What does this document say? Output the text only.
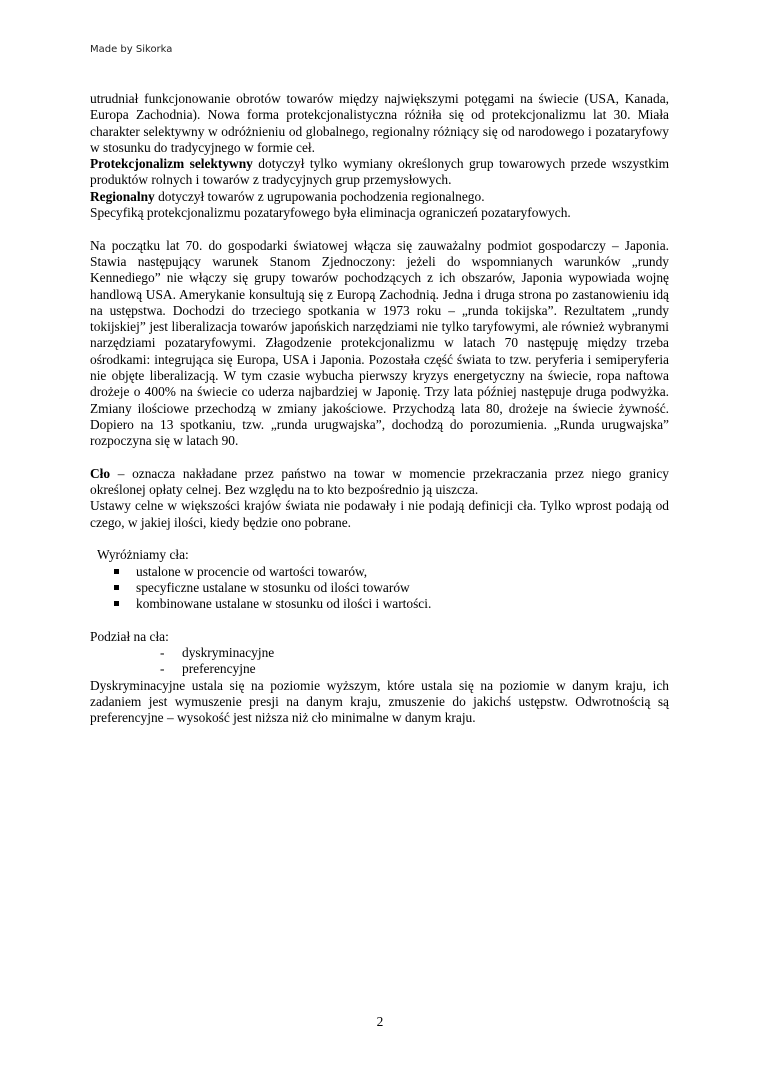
Made by Sikorka

utrudniał funkcjonowanie obrotów towarów między największymi potęgami na świecie (USA, Kanada, Europa Zachodnia). Nowa forma protekcjonalistyczna różniła się od protekcjonalizmu lat 30. Miała charakter selektywny w odróżnieniu od globalnego, regionalny różniący się od narodowego i pozataryfowy w stosunku do tradycyjnego w formie ceł.

Protekcjonalizm selektywny dotyczył tylko wymiany określonych grup towarowych przede wszystkim produktów rolnych i towarów z tradycyjnych grup przemysłowych.

Regionalny dotyczył towarów z ugrupowania pochodzenia regionalnego.

Specyfiką protekcjonalizmu pozataryfowego była eliminacja ograniczeń pozataryfowych.

Na początku lat 70. do gospodarki światowej włącza się zauważalny podmiot gospodarczy – Japonia. Stawia następujący warunek Stanom Zjednoczony: jeżeli do wspomnianych warunków „rundy Kennediego” nie włączy się grupy towarów pochodzących z ich obszarów, Japonia wypowiada wojnę handlową USA. Amerykanie konsultują się z Europą Zachodnią. Jedna i druga strona po zastanowieniu idą na ustępstwa. Dochodzi do trzeciego spotkania w 1973 roku – „runda tokijska”. Rezultatem „rundy tokijskiej” jest liberalizacja towarów japońskich narzędziami nie tylko taryfowymi, ale również wybranymi narzędziami pozataryfowymi. Złagodzenie protekcjonalizmu w latach 70 następuję między trzeba ośrodkami: integrująca się Europa, USA i Japonia. Pozostała część świata to tzw. peryferia i semiperyferia nie objęte liberalizacją. W tym czasie wybucha pierwszy kryzys energetyczny na świecie, ropa naftowa drożeje o 400% na świecie co uderza najbardziej w Japonię. Trzy lata później następuje druga podwyżka. Zmiany ilościowe przechodzą w zmiany jakościowe. Przychodzą lata 80, drożeje na świecie żywność. Dopiero na 13 spotkaniu, tzw. „runda urugwajska”, dochodzą do porozumienia. „Runda urugwajska” rozpoczyna się w latach 90.

Cło – oznacza nakładane przez państwo na towar w momencie przekraczania przez niego granicy określonej opłaty celnej. Bez względu na to kto bezpośrednio ją uiszcza.

Ustawy celne w większości krajów świata nie podawały i nie podają definicji cła. Tylko wprost podają od czego, w jakiej ilości, kiedy będzie ono pobrane.

Wyróżniamy cła:

ustalone w procencie od wartości towarów,
specyficzne ustalane w stosunku od ilości towarów
kombinowane ustalane w stosunku od ilości i wartości.

Podział na cła:

- dyskryminacyjne
- preferencyjne

Dyskryminacyjne ustala się na poziomie wyższym, które ustala się na poziomie w danym kraju, ich zadaniem jest wymuszenie presji na danym kraju, zmuszenie do jakichś ustępstw. Odwrotnością są preferencyjne – wysokość jest niższa niż cło minimalne w danym kraju.

2
